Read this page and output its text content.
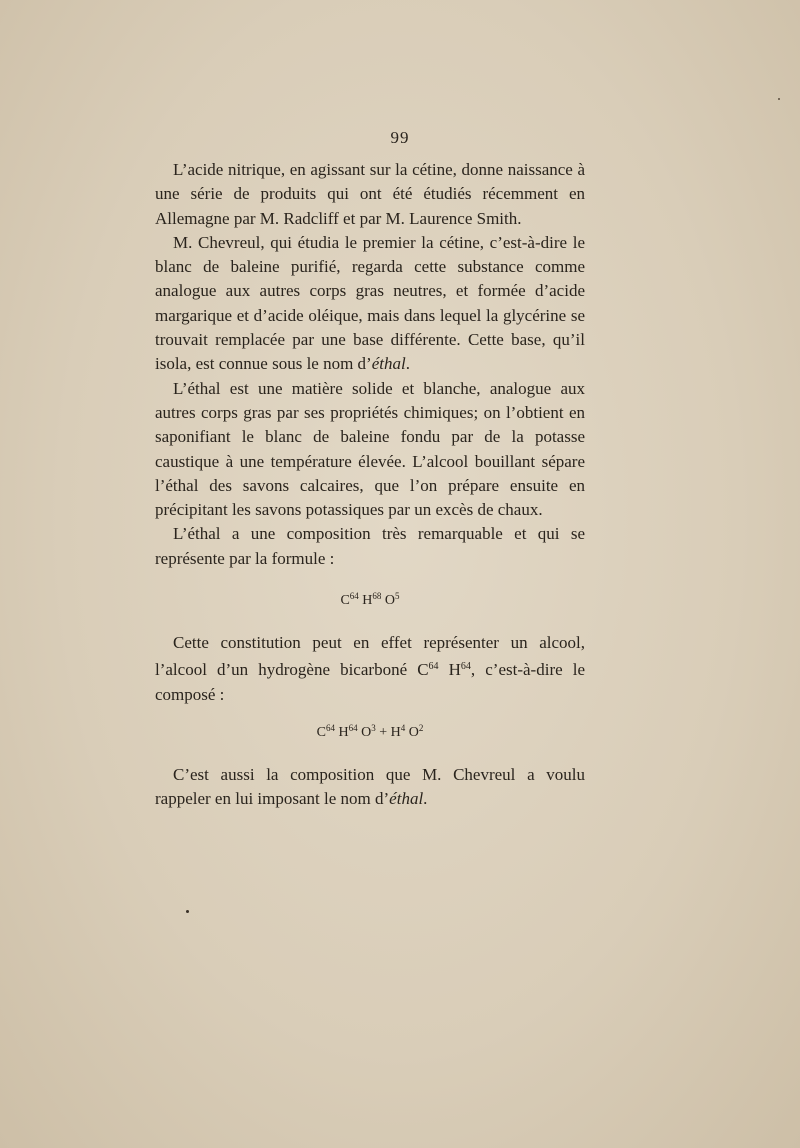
99

L’acide nitrique, en agissant sur la cétine, donne naissance à une série de produits qui ont été étudiés récemment en Allemagne par M. Radcliff et par M. Laurence Smith.

M. Chevreul, qui étudia le premier la cétine, c’est-à-dire le blanc de baleine purifié, regarda cette substance comme analogue aux autres corps gras neutres, et formée d’acide margarique et d’acide oléique, mais dans lequel la glycérine se trouvait remplacée par une base différente. Cette base, qu’il isola, est connue sous le nom d’éthal.

L’éthal est une matière solide et blanche, analogue aux autres corps gras par ses propriétés chimiques; on l’obtient en saponifiant le blanc de baleine fondu par de la potasse caustique à une température élevée. L’alcool bouillant sépare l’éthal des savons calcaires, que l’on prépare ensuite en précipitant les savons potassiques par un excès de chaux.

L’éthal a une composition très remarquable et qui se représente par la formule :

$C^{64}$ $H^{68}$ $O^5$

Cette constitution peut en effet représenter un alcool, l’alcool d’un hydrogène bicarboné $C^{64}$ $H^{64}$, c’est-à-dire le composé :

$C^{64}$ $H^{64}$ $O^3 + H^4$ $O^2$

C’est aussi la composition que M. Chevreul a voulu rappeler en lui imposant le nom d’éthal.
